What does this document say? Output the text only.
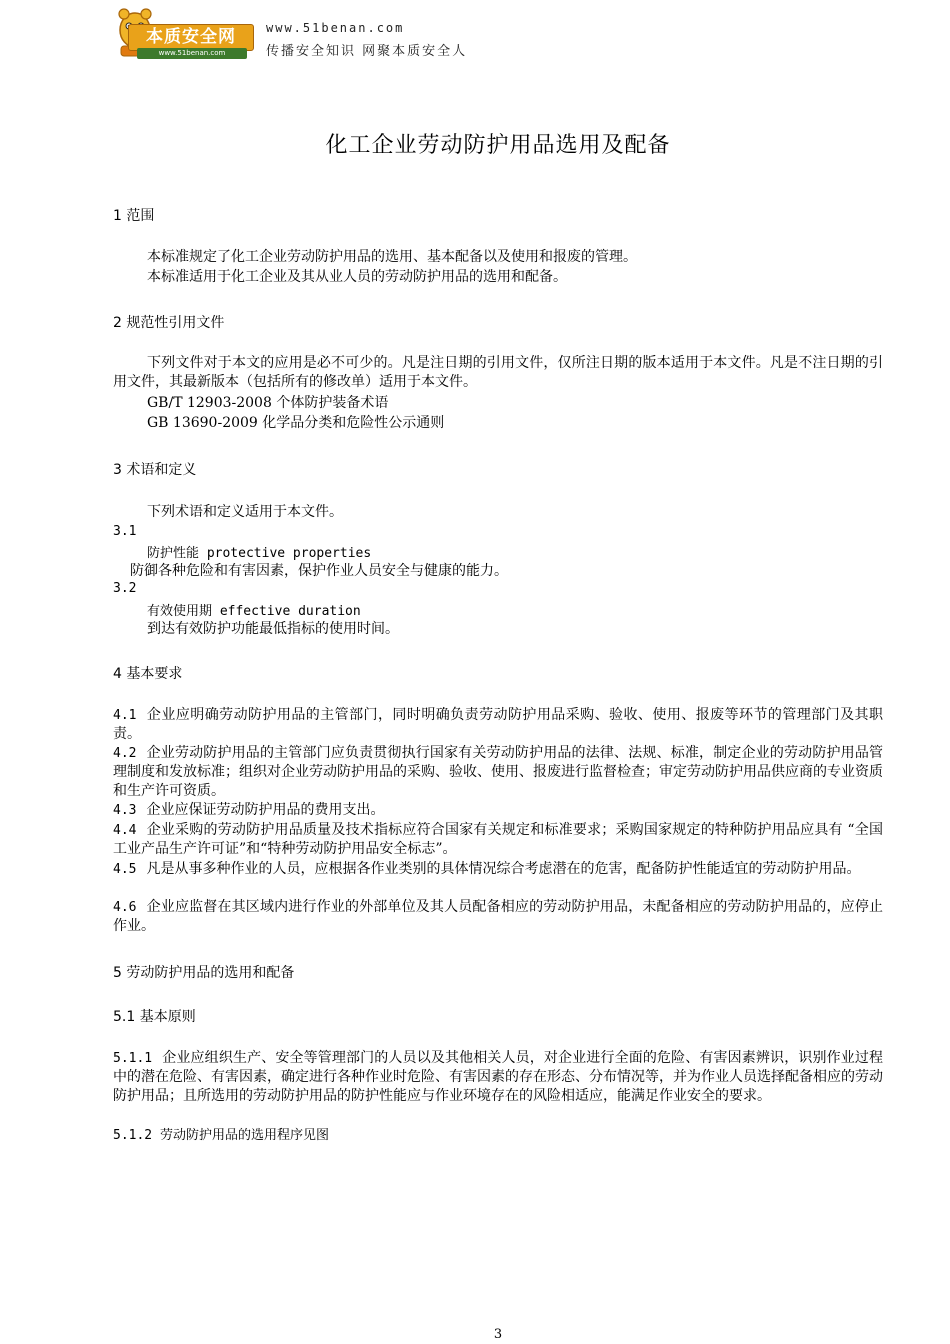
本质安全网
www.51benan.com
www.51benan.com
传播安全知识 网聚本质安全人
化工企业劳动防护用品选用及配备
1 范围
本标准规定了化工企业劳动防护用品的选用、基本配备以及使用和报废的管理。
本标准适用于化工企业及其从业人员的劳动防护用品的选用和配备。
2 规范性引用文件
下列文件对于本文的应用是必不可少的。凡是注日期的引用文件，仅所注日期的版本适用于本文件。凡是不注日期的引用文件，其最新版本（包括所有的修改单）适用于本文件。
GB/T 12903-2008 个体防护装备术语
GB 13690-2009 化学品分类和危险性公示通则
3 术语和定义
下列术语和定义适用于本文件。
3.1
防护性能 protective properties
防御各种危险和有害因素，保护作业人员安全与健康的能力。
3.2
有效使用期 effective duration
到达有效防护功能最低指标的使用时间。
4 基本要求
4.1 企业应明确劳动防护用品的主管部门，同时明确负责劳动防护用品采购、验收、使用、报废等环节的管理部门及其职责。
4.2 企业劳动防护用品的主管部门应负责贯彻执行国家有关劳动防护用品的法律、法规、标准，制定企业的劳动防护用品管理制度和发放标准；组织对企业劳动防护用品的采购、验收、使用、报废进行监督检查；审定劳动防护用品供应商的专业资质和生产许可资质。
4.3 企业应保证劳动防护用品的费用支出。
4.4 企业采购的劳动防护用品质量及技术指标应符合国家有关规定和标准要求；采购国家规定的特种防护用品应具有 “全国工业产品生产许可证”和“特种劳动防护用品安全标志”。
4.5 凡是从事多种作业的人员，应根据各作业类别的具体情况综合考虑潜在的危害，配备防护性能适宜的劳动防护用品。
4.6 企业应监督在其区域内进行作业的外部单位及其人员配备相应的劳动防护用品，未配备相应的劳动防护用品的，应停止作业。
5 劳动防护用品的选用和配备
5.1 基本原则
5.1.1 企业应组织生产、安全等管理部门的人员以及其他相关人员，对企业进行全面的危险、有害因素辨识，识别作业过程中的潜在危险、有害因素，确定进行各种作业时危险、有害因素的存在形态、分布情况等，并为作业人员选择配备相应的劳动防护用品；且所选用的劳动防护用品的防护性能应与作业环境存在的风险相适应，能满足作业安全的要求。
5.1.2 劳动防护用品的选用程序见图
3
